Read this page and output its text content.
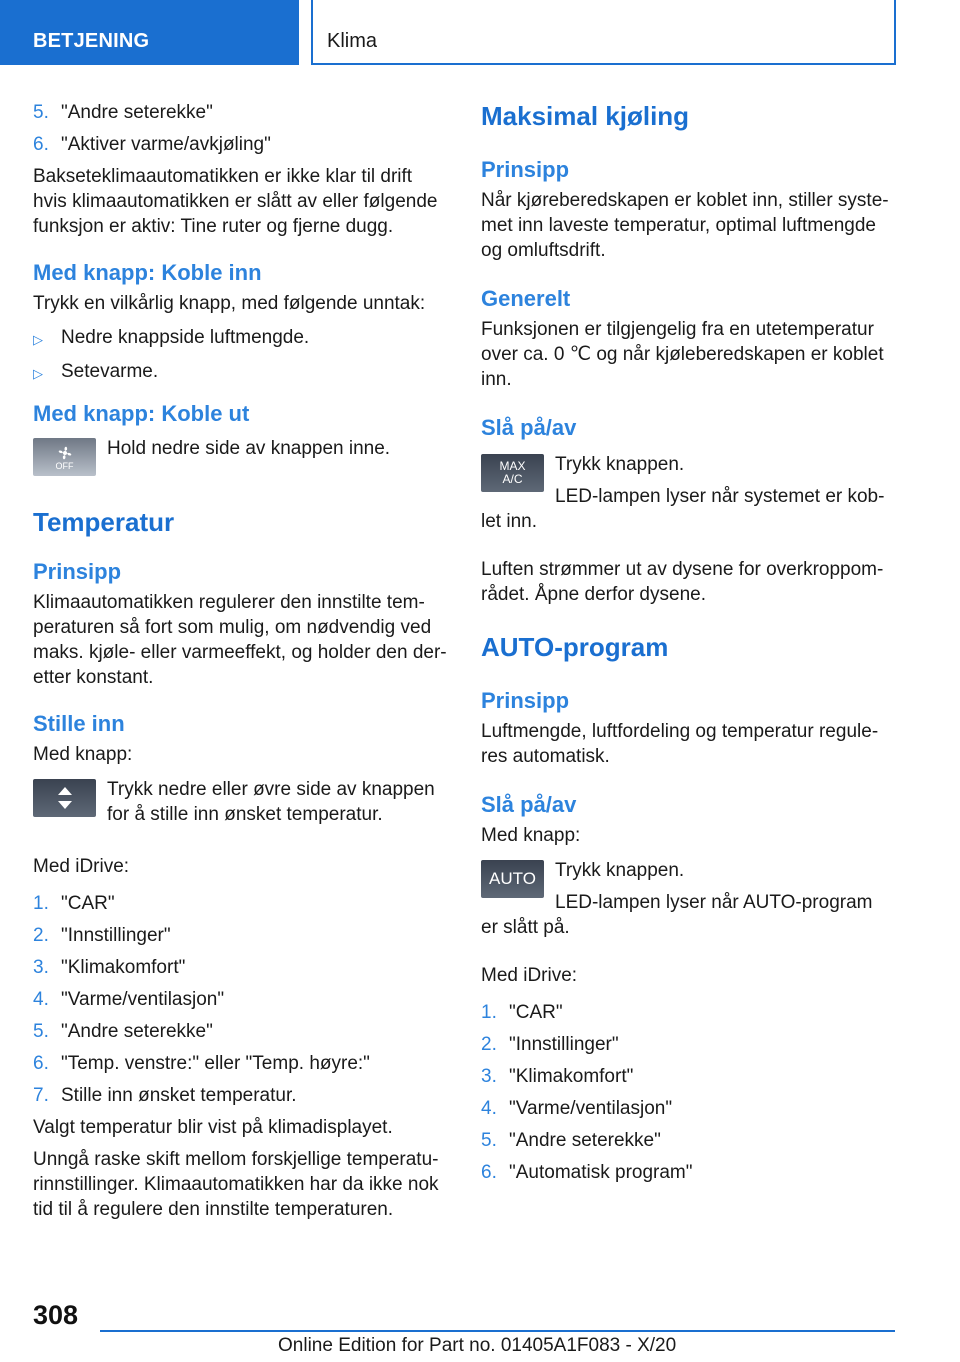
BETJENING	Klima
5. "Andre seterekke"
6. "Aktiver varme/avkjøling"

Bakseteklimaautomatikken er ikke klar til drift hvis klimaautomatikken er slått av eller følgende funksjon er aktiv: Tine ruter og fjerne dugg.

Med knapp: Koble inn

Trykk en vilkårlig knapp, med følgende unntak:

▷ Nedre knappside luftmengde.
▷ Setevarme.
Med knapp: Koble ut
OFF

Hold nedre side av knappen inne.

Temperatur
Prinsipp

Klimaautomatikken regulerer den innstilte temperaturen så fort som mulig, om nødvendig ved maks. kjøle- eller varmeeffekt, og holder den deretter konstant.

Stille inn

Med knapp:

Trykk nedre eller øvre side av knappen for å stille inn ønsket temperatur.

Med iDrive:

1. "CAR"
2. "Innstillinger"
3. "Klimakomfort"
4. "Varme/ventilasjon"
5. "Andre seterekke"
6. "Temp. venstre:" eller "Temp. høyre:"
7. Stille inn ønsket temperatur.

Valgt temperatur blir vist på klimadisplayet.

Unngå raske skift mellom forskjellige temperaturinnstillinger. Klimaautomatikken har da ikke nok tid til å regulere den innstilte temperaturen.

Maksimal kjøling
Prinsipp

Når kjøreberedskapen er koblet inn, stiller systemet inn laveste temperatur, optimal luftmengde og omluftsdrift.

Generelt

Funksjonen er tilgjengelig fra en utetemperatur over ca. 0 ℃ og når kjøleberedskapen er koblet inn.

Slå på/av
MAX
A/C

Trykk knappen.

LED-lampen lyser når systemet er koblet inn.

Luften strømmer ut av dysene for overkroppområdet. Åpne derfor dysene.

AUTO-program
Prinsipp

Luftmengde, luftfordeling og temperatur reguleres automatisk.

Slå på/av

Med knapp:

AUTO	Trykk knappen.

LED-lampen lyser når AUTO-program er slått på.

Med iDrive:

1. "CAR"
2. "Innstillinger"
3. "Klimakomfort"
4. "Varme/ventilasjon"
5. "Andre seterekke"
6. "Automatisk program"
308
Online Edition for Part no. 01405A1F083 - X/20
